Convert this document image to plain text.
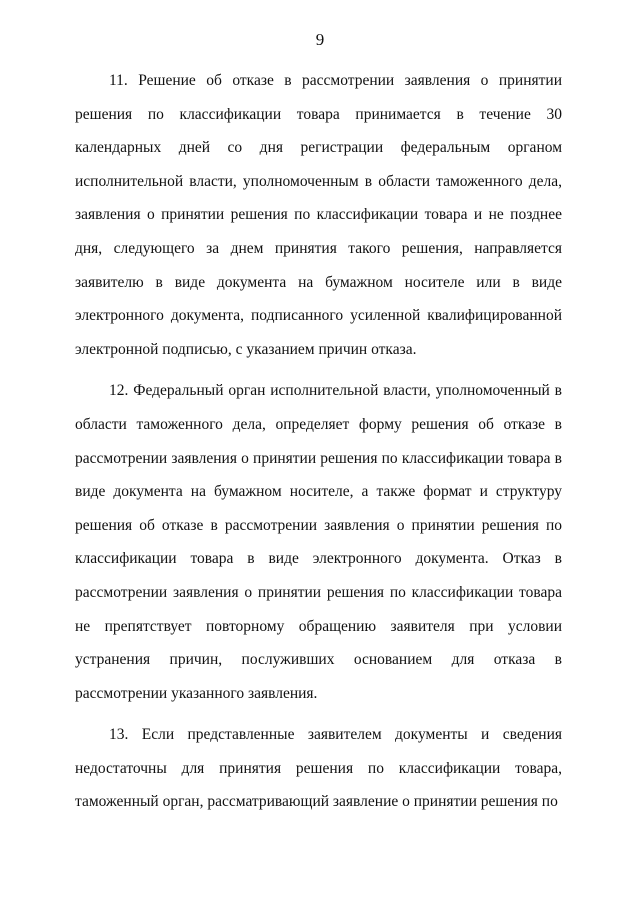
9

11. Решение об отказе в рассмотрении заявления о принятии решения по классификации товара принимается в течение 30 календарных дней со дня регистрации федеральным органом исполнительной власти, уполномоченным в области таможенного дела, заявления о принятии решения по классификации товара и не позднее дня, следующего за днем принятия такого решения, направляется заявителю в виде документа на бумажном носителе или в виде электронного документа, подписанного усиленной квалифицированной электронной подписью, с указанием причин отказа.

12. Федеральный орган исполнительной власти, уполномоченный в области таможенного дела, определяет форму решения об отказе в рассмотрении заявления о принятии решения по классификации товара в виде документа на бумажном носителе, а также формат и структуру решения об отказе в рассмотрении заявления о принятии решения по классификации товара в виде электронного документа. Отказ в рассмотрении заявления о принятии решения по классификации товара не препятствует повторному обращению заявителя при условии устранения причин, послуживших основанием для отказа в рассмотрении указанного заявления.

13. Если представленные заявителем документы и сведения недостаточны для принятия решения по классификации товара, таможенный орган, рассматривающий заявление о принятии решения по
